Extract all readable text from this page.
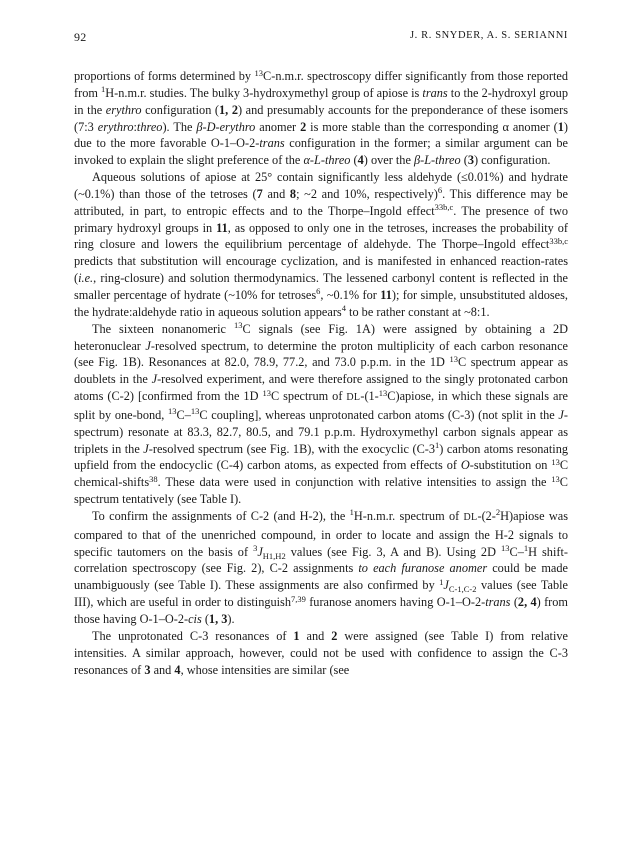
92	J. R. SNYDER, A. S. SERIANNI

proportions of forms determined by $^{13}$C-n.m.r. spectroscopy differ significantly from those reported from $^1$H-n.m.r. studies. The bulky 3-hydroxymethyl group of apiose is trans to the 2-hydroxyl group in the erythro configuration (1, 2) and presumably accounts for the preponderance of these isomers (7:3 erythro:threo). The β-D-erythro anomer 2 is more stable than the corresponding α anomer (1) due to the more favorable O-1–O-2-trans configuration in the former; a similar argument can be invoked to explain the slight preference of the α-L-threo (4) over the β-L-threo (3) configuration.

Aqueous solutions of apiose at 25° contain significantly less aldehyde (≤0.01%) and hydrate (~0.1%) than those of the tetroses (7 and 8; ~2 and 10%, respectively)$^6$. This difference may be attributed, in part, to entropic effects and to the Thorpe–Ingold effect$^{33b,c}$. The presence of two primary hydroxyl groups in 11, as opposed to only one in the tetroses, increases the probability of ring closure and lowers the equilibrium percentage of aldehyde. The Thorpe–Ingold effect$^{33b,c}$ predicts that substitution will encourage cyclization, and is manifested in enhanced reaction-rates (i.e., ring-closure) and solution thermodynamics. The lessened carbonyl content is reflected in the smaller percentage of hydrate (~10% for tetroses$^6$, ~0.1% for 11); for simple, unsubstituted aldoses, the hydrate:aldehyde ratio in aqueous solution appears$^4$ to be rather constant at ~8:1.

The sixteen nonanomeric $^{13}$C signals (see Fig. 1A) were assigned by obtaining a 2D heteronuclear J-resolved spectrum, to determine the proton multiplicity of each carbon resonance (see Fig. 1B). Resonances at 82.0, 78.9, 77.2, and 73.0 p.p.m. in the 1D $^{13}$C spectrum appear as doublets in the J-resolved experiment, and were therefore assigned to the singly protonated carbon atoms (C-2) [confirmed from the 1D $^{13}$C spectrum of DL-(1-$^{13}$C)apiose, in which these signals are split by one-bond, $^{13}$C–$^{13}$C coupling], whereas unprotonated carbon atoms (C-3) (not split in the J-spectrum) resonate at 83.3, 82.7, 80.5, and 79.1 p.p.m. Hydroxymethyl carbon signals appear as triplets in the J-resolved spectrum (see Fig. 1B), with the exocyclic $(C-3^1)$ carbon atoms resonating upfield from the endocyclic (C-4) carbon atoms, as expected from effects of O-substitution on $^{13}$C chemical-shifts$^{38}$. These data were used in conjunction with relative intensities to assign the $^{13}$C spectrum tentatively (see Table I).

To confirm the assignments of C-2 (and H-2), the $^1$H-n.m.r. spectrum of DL-(2-$^2$H)apiose was compared to that of the unenriched compound, in order to locate and assign the H-2 signals to specific tautomers on the basis of $^3J_{H1,H2}$ values (see Fig. 3, A and B). Using 2D $^{13}$C–$^1$H shift-correlation spectroscopy (see Fig. 2), C-2 assignments to each furanose anomer could be made unambiguously (see Table I). These assignments are also confirmed by $^1J_{C-1,C-2}$ values (see Table III), which are useful in order to distinguish$^{7,39}$ furanose anomers having O-1–O-2-trans (2, 4) from those having O-1–O-2-cis (1, 3).

The unprotonated C-3 resonances of 1 and 2 were assigned (see Table I) from relative intensities. A similar approach, however, could not be used with confidence to assign the C-3 resonances of 3 and 4, whose intensities are similar (see
